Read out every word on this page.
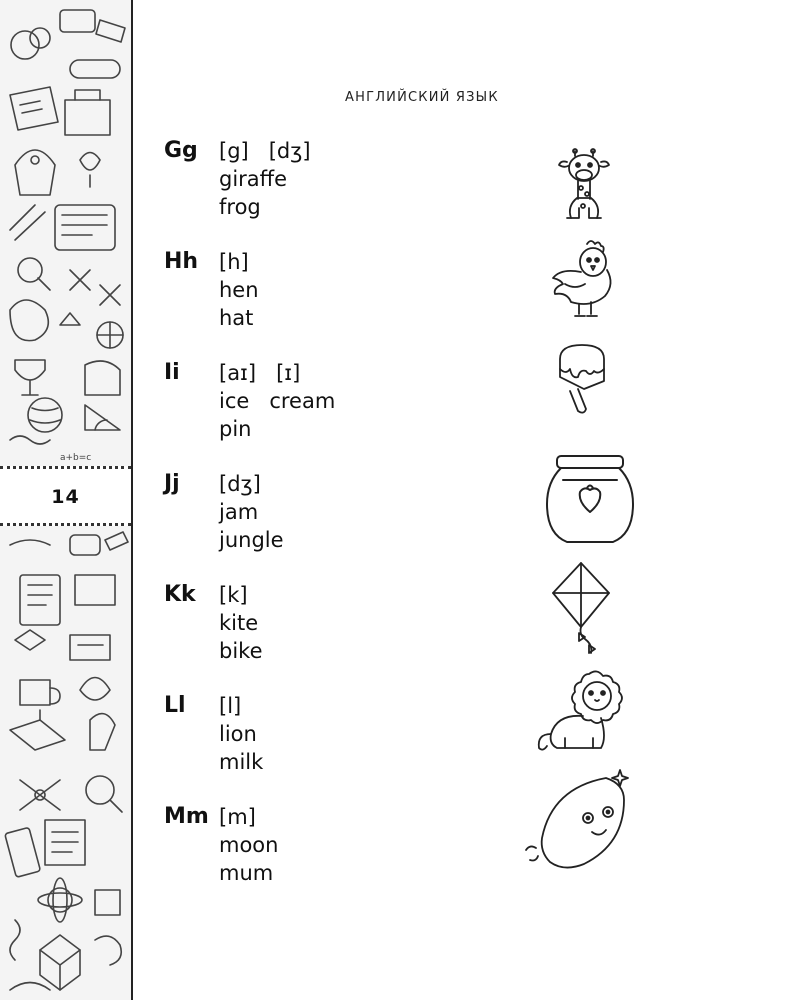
a+b=c
14
АНГЛИЙСКИЙ ЯЗЫК
Gg [g]   [dʒ]
giraffe
frog
Hh [h]
hen
hat
Ii [aɪ]   [ɪ]
ice   cream
pin
Jj [dʒ]
jam
jungle
Kk [k]
kite
bike
Ll [l]
lion
milk
Mm [m]
moon
mum
